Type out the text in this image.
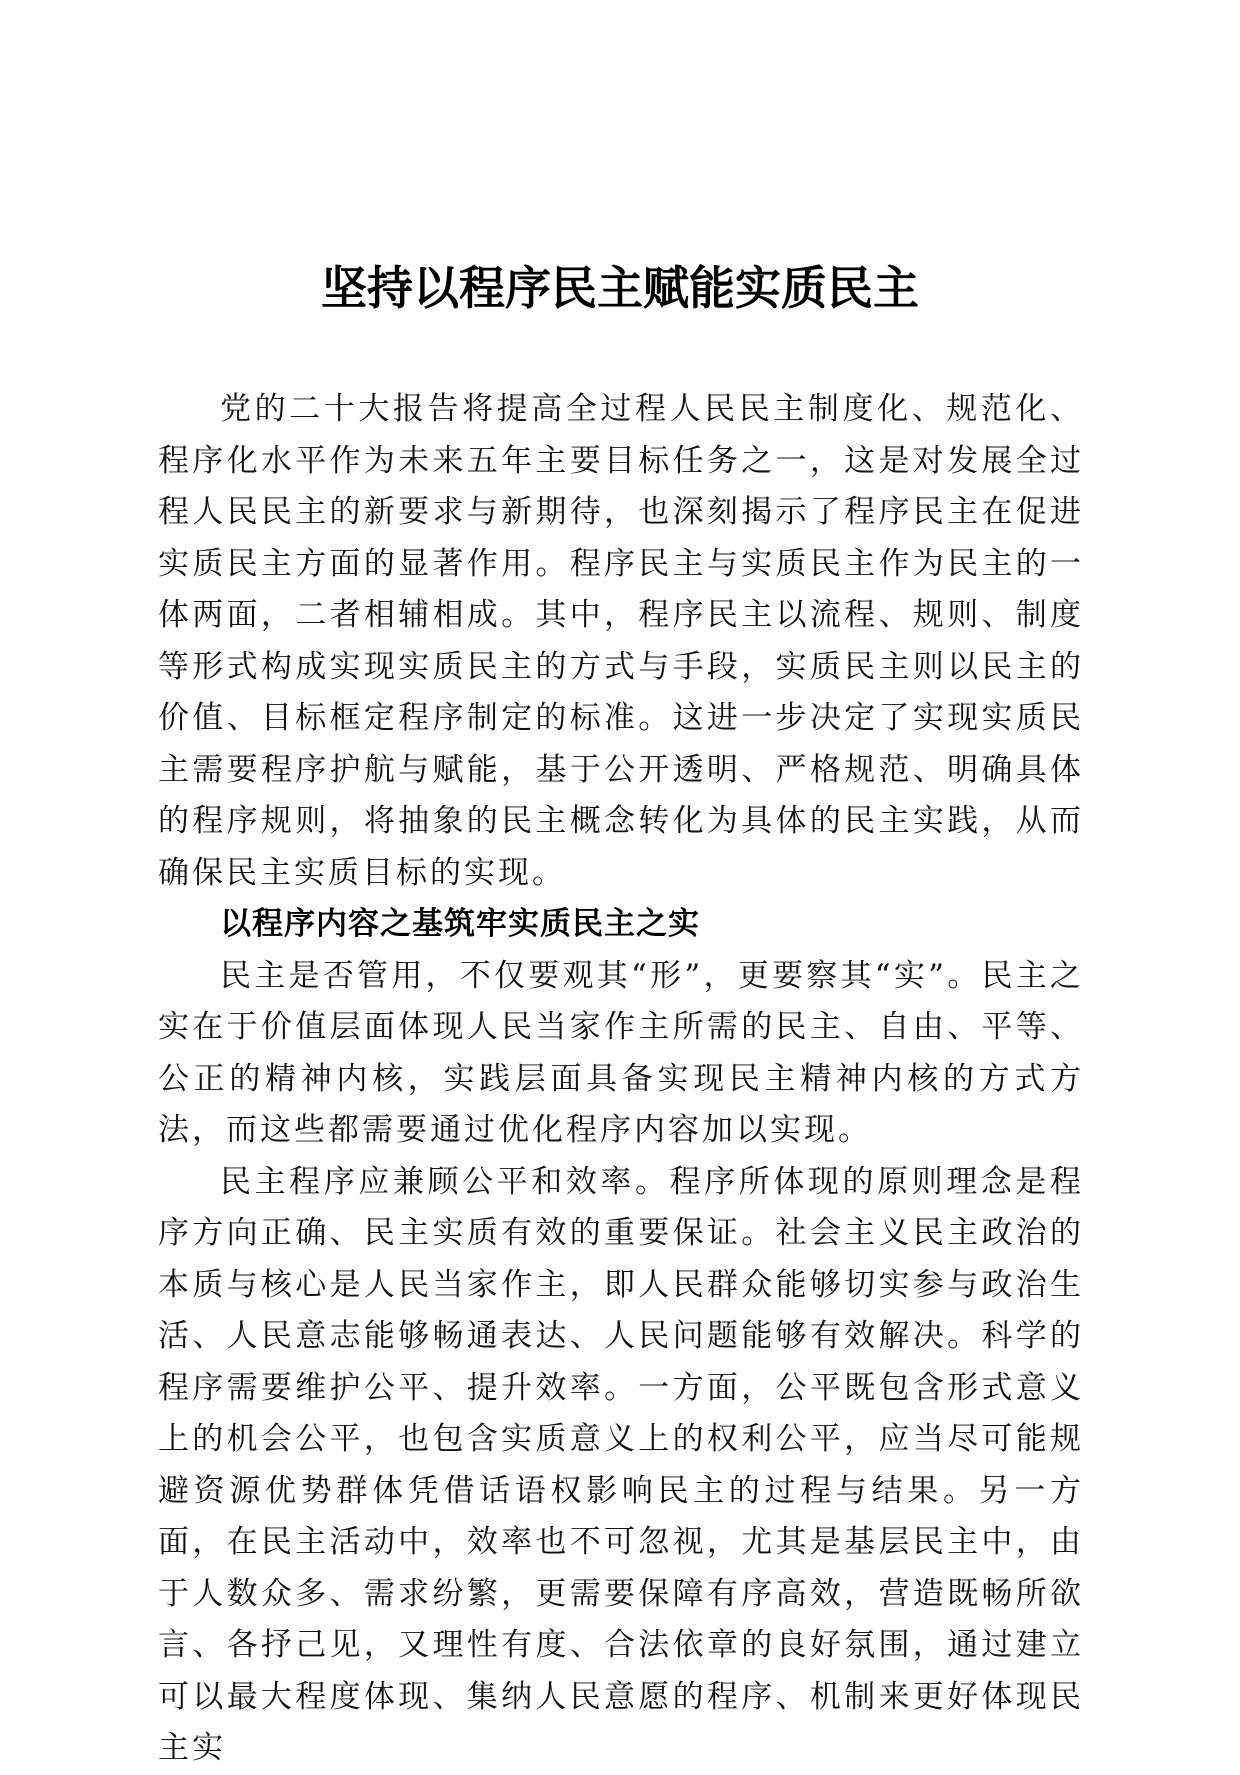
坚持以程序民主赋能实质民主

党的二十大报告将提高全过程人民民主制度化、规范化、程序化水平作为未来五年主要目标任务之一，这是对发展全过程人民民主的新要求与新期待，也深刻揭示了程序民主在促进实质民主方面的显著作用。程序民主与实质民主作为民主的一体两面，二者相辅相成。其中，程序民主以流程、规则、制度等形式构成实现实质民主的方式与手段，实质民主则以民主的价值、目标框定程序制定的标准。这进一步决定了实现实质民主需要程序护航与赋能，基于公开透明、严格规范、明确具体的程序规则，将抽象的民主概念转化为具体的民主实践，从而确保民主实质目标的实现。

以程序内容之基筑牢实质民主之实

民主是否管用，不仅要观其“形”，更要察其“实”。民主之实在于价值层面体现人民当家作主所需的民主、自由、平等、公正的精神内核，实践层面具备实现民主精神内核的方式方法，而这些都需要通过优化程序内容加以实现。

民主程序应兼顾公平和效率。程序所体现的原则理念是程序方向正确、民主实质有效的重要保证。社会主义民主政治的本质与核心是人民当家作主，即人民群众能够切实参与政治生活、人民意志能够畅通表达、人民问题能够有效解决。科学的程序需要维护公平、提升效率。一方面，公平既包含形式意义上的机会公平，也包含实质意义上的权利公平，应当尽可能规避资源优势群体凭借话语权影响民主的过程与结果。另一方面，在民主活动中，效率也不可忽视，尤其是基层民主中，由于人数众多、需求纷繁，更需要保障有序高效，营造既畅所欲言、各抒己见，又理性有度、合法依章的良好氛围，通过建立可以最大程度体现、集纳人民意愿的程序、机制来更好体现民主实
